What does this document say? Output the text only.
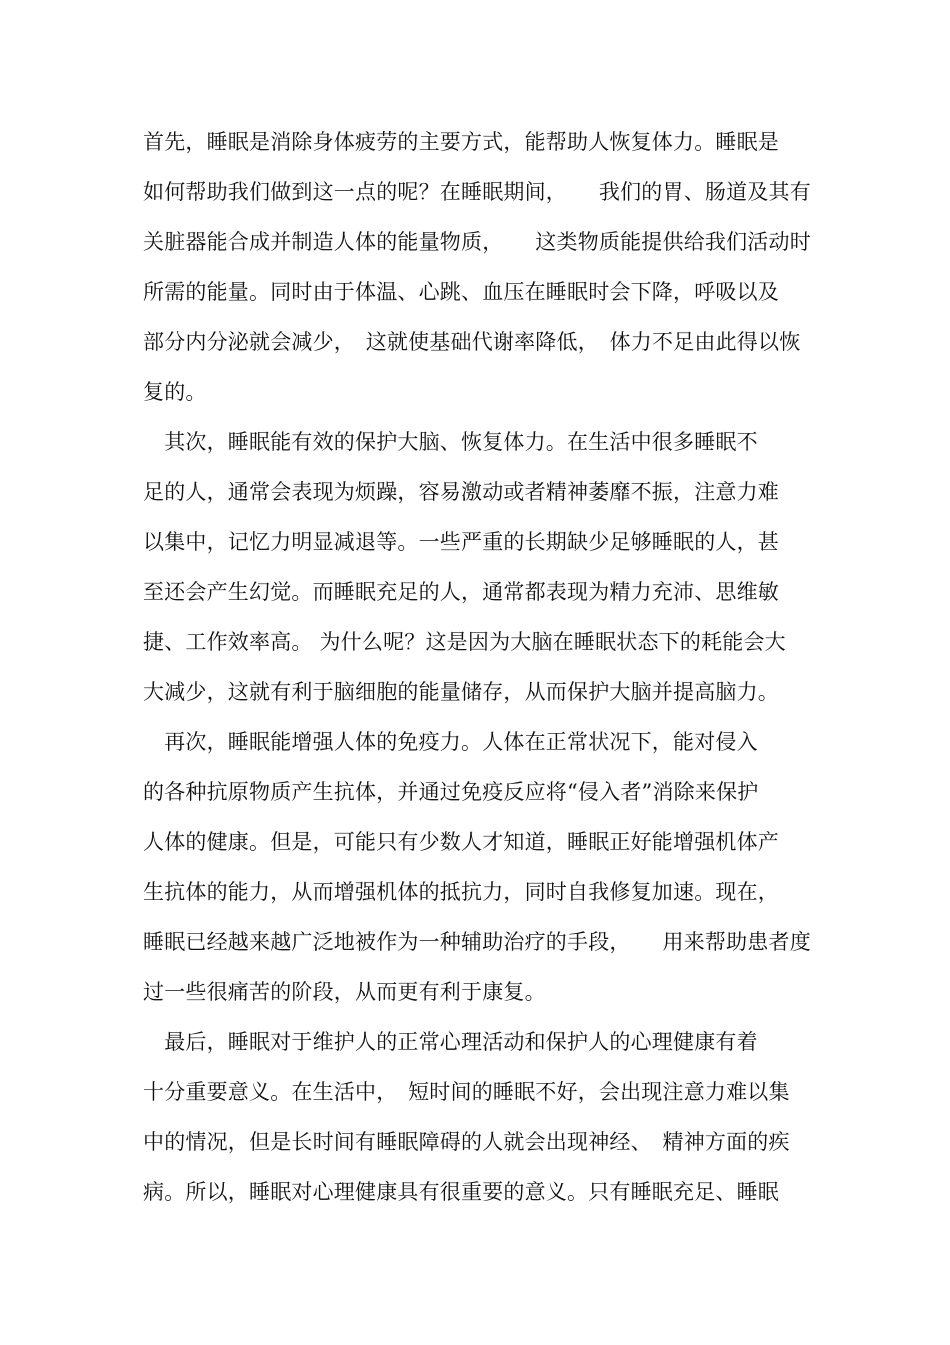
首先，睡眠是消除身体疲劳的主要方式，能帮助人恢复体力。睡眠是
如何帮助我们做到这一点的呢？在睡眠期间，　　我们的胃、肠道及其有
关脏器能合成并制造人体的能量物质，　　这类物质能提供给我们活动时
所需的能量。同时由于体温、心跳、血压在睡眠时会下降，呼吸以及
部分内分泌就会减少，　这就使基础代谢率降低，　体力不足由此得以恢
复的。
　其次，睡眠能有效的保护大脑、恢复体力。在生活中很多睡眠不
足的人，通常会表现为烦躁，容易激动或者精神萎靡不振，注意力难
以集中，记忆力明显减退等。一些严重的长期缺少足够睡眠的人，甚
至还会产生幻觉。而睡眠充足的人，通常都表现为精力充沛、思维敏
捷、工作效率高。 为什么呢？这是因为大脑在睡眠状态下的耗能会大
大减少，这就有利于脑细胞的能量储存，从而保护大脑并提高脑力。
　再次，睡眠能增强人体的免疫力。人体在正常状况下，能对侵入
的各种抗原物质产生抗体，并通过免疫反应将“侵入者”消除来保护
人体的健康。但是，可能只有少数人才知道，睡眠正好能增强机体产
生抗体的能力，从而增强机体的抵抗力，同时自我修复加速。现在，
睡眠已经越来越广泛地被作为一种辅助治疗的手段，　　用来帮助患者度
过一些很痛苦的阶段，从而更有利于康复。
　最后，睡眠对于维护人的正常心理活动和保护人的心理健康有着
十分重要意义。在生活中，　短时间的睡眠不好，会出现注意力难以集
中的情况，但是长时间有睡眠障碍的人就会出现神经、　精神方面的疾
病。所以，睡眠对心理健康具有很重要的意义。只有睡眠充足、睡眠
